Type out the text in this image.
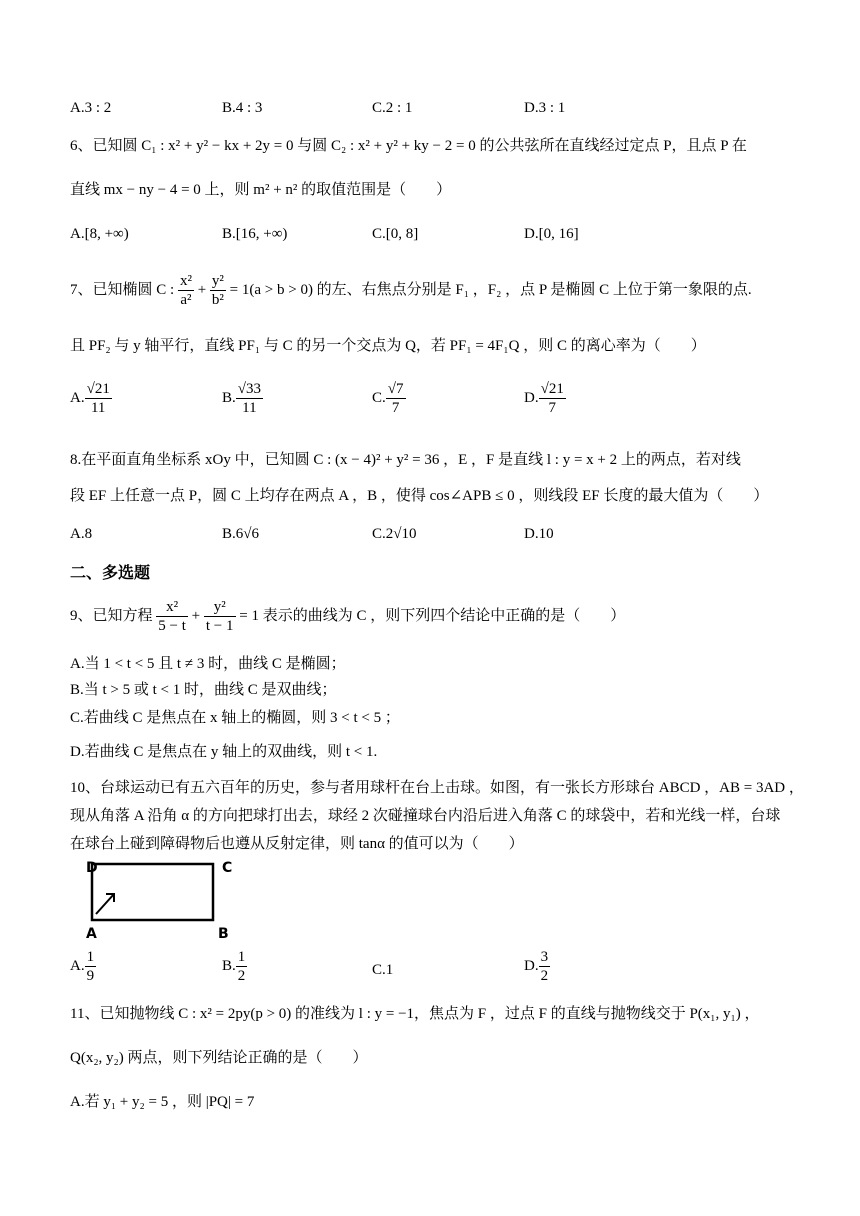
A.3 : 2	B.4 : 3	C.2 : 1	D.3 : 1
6、已知圆 C₁ : x² + y² − kx + 2y = 0 与圆 C₂ : x² + y² + ky − 2 = 0 的公共弦所在直线经过定点 P，且点 P 在
直线 mx − ny − 4 = 0 上，则 m² + n² 的取值范围是（　　）
A.[8, +∞)	B.[16, +∞)	C.[0, 8]	D.[0, 16]
7、已知椭圆 C : $\frac{\text{x²}}{\text{a²}} + \frac{\text{y²}}{\text{b²}} = 1(a > b > 0)$ 的左、右焦点分别是 F₁ ，F₂ ，点 P 是椭圆 C 上位于第一象限的点.
且 PF₂ 与 y 轴平行，直线 PF₁ 与 C 的另一个交点为 Q，若 PF₁ = 4F₁Q ，则 C 的离心率为（　　）
A. $\frac{√21}{11}$	B. $\frac{√33}{11}$	C. $\frac{√7}{7}$	D. $\frac{√21}{7}$
8.在平面直角坐标系 xOy 中，已知圆 C : (x − 4)² + y² = 36 ，E ，F 是直线 l : y = x + 2 上的两点，若对线
段 EF 上任意一点 P，圆 C 上均存在两点 A ，B ，使得 cos∠APB ≤ 0 ，则线段 EF 长度的最大值为（　　）
A.8	B.6√6	C.2√10	D.10
二、多选题
9、已知方程 $\frac{\text{x²}}{5 - t} + \frac{\text{y²}}{t - 1} = 1$ 表示的曲线为 C ，则下列四个结论中正确的是（　　）
A.当 1 < t < 5 且 t ≠ 3 时，曲线 C 是椭圆；
B.当 t > 5 或 t < 1 时，曲线 C 是双曲线；
C.若曲线 C 是焦点在 x 轴上的椭圆，则 3 < t < 5 ；
D.若曲线 C 是焦点在 y 轴上的双曲线，则 t < 1.
10、台球运动已有五六百年的历史，参与者用球杆在台上击球。如图，有一张长方形球台 ABCD ，AB = 3AD ，
现从角落 A 沿角 α 的方向把球打出去，球经 2 次碰撞球台内沿后进入角落 C 的球袋中，若和光线一样，台球
在球台上碰到障碍物后也遵从反射定律，则 tanα 的值可以为（　　）
D	C
A	B
A. $\frac{1}{9}$	B. $\frac{1}{2}$	C.1	D. $\frac{3}{2}$
11、已知抛物线 C : x² = 2py(p > 0) 的准线为 l : y = −1，焦点为 F ，过点 F 的直线与抛物线交于 P(x₁, y₁) ，
Q(x₂, y₂) 两点，则下列结论正确的是（　　）
A.若 y₁ + y₂ = 5 ，则 |PQ| = 7
